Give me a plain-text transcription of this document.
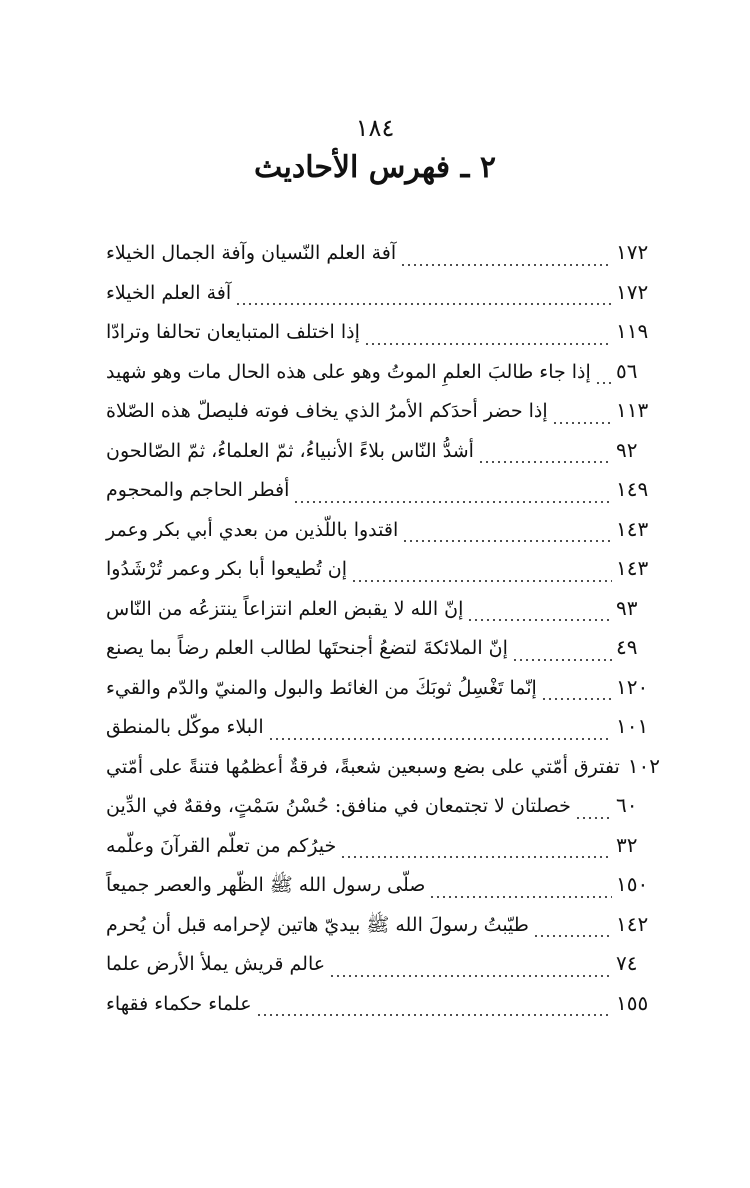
١٨٤
٢ ـ فهرس الأحاديث
آفة العلم النّسيان وآفة الجمال الخيلاء	١٧٢
آفة العلم الخيلاء	١٧٢
إذا اختلف المتبايعان تحالفا وترادّا	١١٩
إذا جاء طالبَ العلمِ الموتُ وهو على هذه الحال مات وهو شهيد ٥٦
إذا حضر أحدَكم الأمرُ الذي يخاف فوته فليصلّ هذه الصّلاة	١١٣
أشدُّ النّاس بلاءً الأنبياءُ، ثمّ العلماءُ، ثمّ الصّالحون	٩٢
أفطر الحاجم والمحجوم	١٤٩
اقتدوا باللّذين من بعدي أبي بكر وعمر	١٤٣
إن تُطيعوا أبا بكر وعمر تُرْشَدُوا	١٤٣
إنّ الله لا يقبض العلم انتزاعاً ينتزعُه من النّاس	٩٣
إنّ الملائكةَ لتضعُ أجنحتَها لطالب العلم رضاً بما يصنع	٤٩
إنّما تَغْسِلُ ثوبَكَ من الغائط والبول والمنيّ والدّم والقيء	١٢٠
البلاء موكّل بالمنطق	١٠١
تفترق أمّتي على بضع وسبعين شعبةً، فرقةٌ أعظمُها فتنةً على أمّتي ١٠٢
خصلتان لا تجتمعان في منافق: حُسْنُ سَمْتٍ، وفقهٌ في الدِّين ٦٠
خيرُكم من تعلّم القرآنَ وعلّمه	٣٢
صلّى رسول الله ﷺ الظّهر والعصر جميعاً	١٥٠
طيّبتُ رسولَ الله ﷺ بيديّ هاتين لإحرامه قبل أن يُحرم	١٤٢
عالم قريش يملأ الأرض علما	٧٤
علماء حكماء فقهاء	١٥٥
